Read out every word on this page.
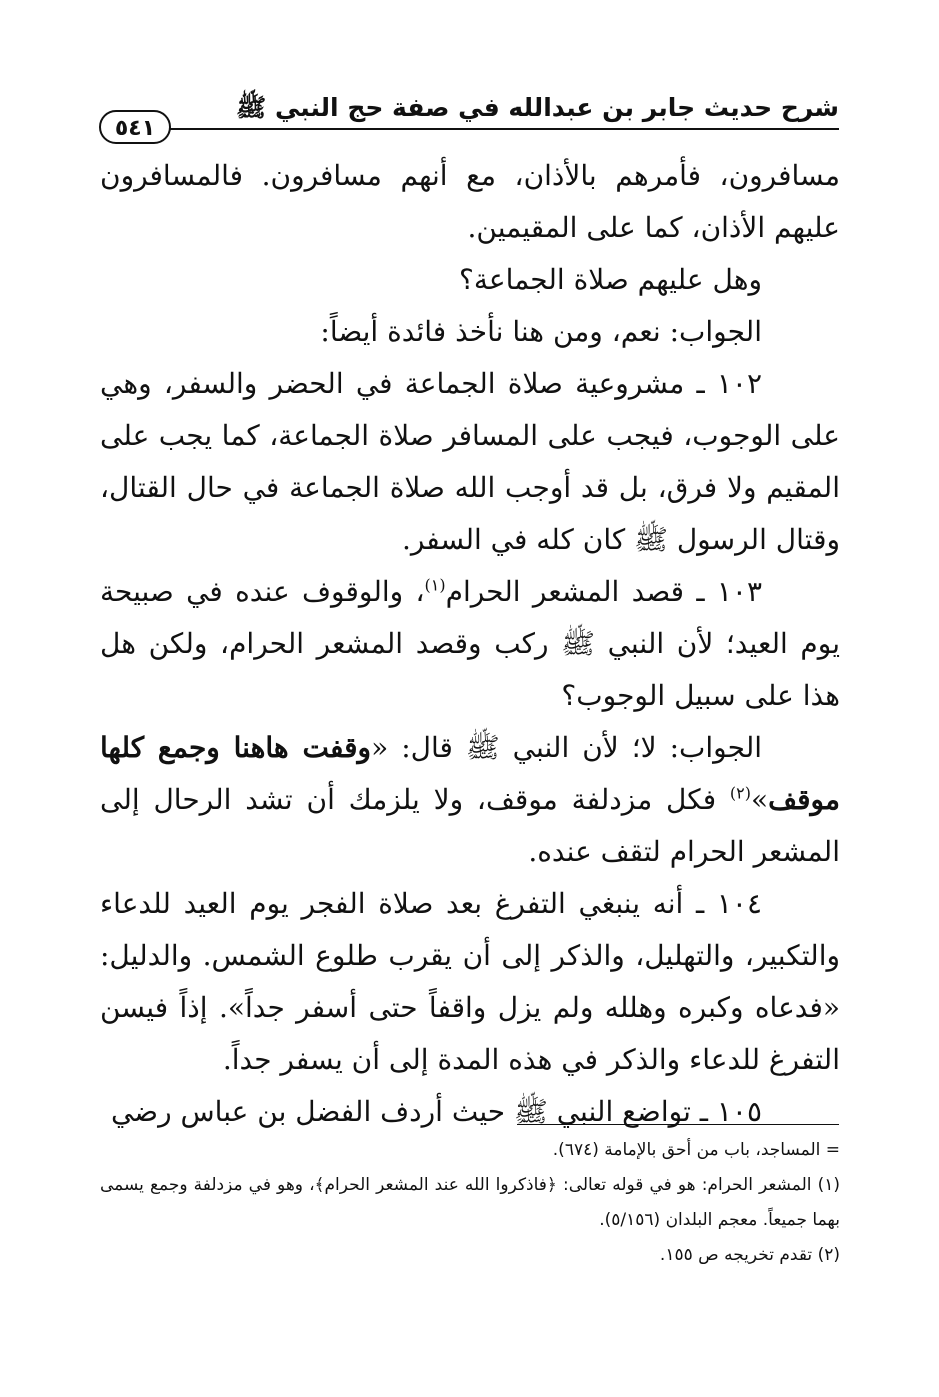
شرح حديث جابر بن عبدالله في صفة حج النبي ﷺ
٥٤١

مسافرون، فأمرهم بالأذان، مع أنهم مسافرون. فالمسافرون عليهم الأذان، كما على المقيمين.

وهل عليهم صلاة الجماعة؟

الجواب: نعم، ومن هنا نأخذ فائدة أيضاً:

١٠٢ ـ مشروعية صلاة الجماعة في الحضر والسفر، وهي على الوجوب، فيجب على المسافر صلاة الجماعة، كما يجب على المقيم ولا فرق، بل قد أوجب الله صلاة الجماعة في حال القتال، وقتال الرسول ﷺ كان كله في السفر.

١٠٣ ـ قصد المشعر الحرام$^{(١)}$، والوقوف عنده في صبيحة يوم العيد؛ لأن النبي ﷺ ركب وقصد المشعر الحرام، ولكن هل هذا على سبيل الوجوب؟

الجواب: لا؛ لأن النبي ﷺ قال: «وقفت هاهنا وجمع كلها موقف»$^{(٢)}$ فكل مزدلفة موقف، ولا يلزمك أن تشد الرحال إلى المشعر الحرام لتقف عنده.

١٠٤ ـ أنه ينبغي التفرغ بعد صلاة الفجر يوم العيد للدعاء والتكبير، والتهليل، والذكر إلى أن يقرب طلوع الشمس. والدليل: «فدعاه وكبره وهلله ولم يزل واقفاً حتى أسفر جداً». إذاً فيسن التفرغ للدعاء والذكر في هذه المدة إلى أن يسفر جداً.

١٠٥ ـ تواضع النبي ﷺ حيث أردف الفضل بن عباس رضي

= المساجد، باب من أحق بالإمامة (٦٧٤).

(١) المشعر الحرام: هو في قوله تعالى: ﴿فاذكروا الله عند المشعر الحرام﴾، وهو في مزدلفة وجمع يسمى بهما جميعاً. معجم البلدان (٥/١٥٦).

(٢) تقدم تخريجه ص ١٥٥.
